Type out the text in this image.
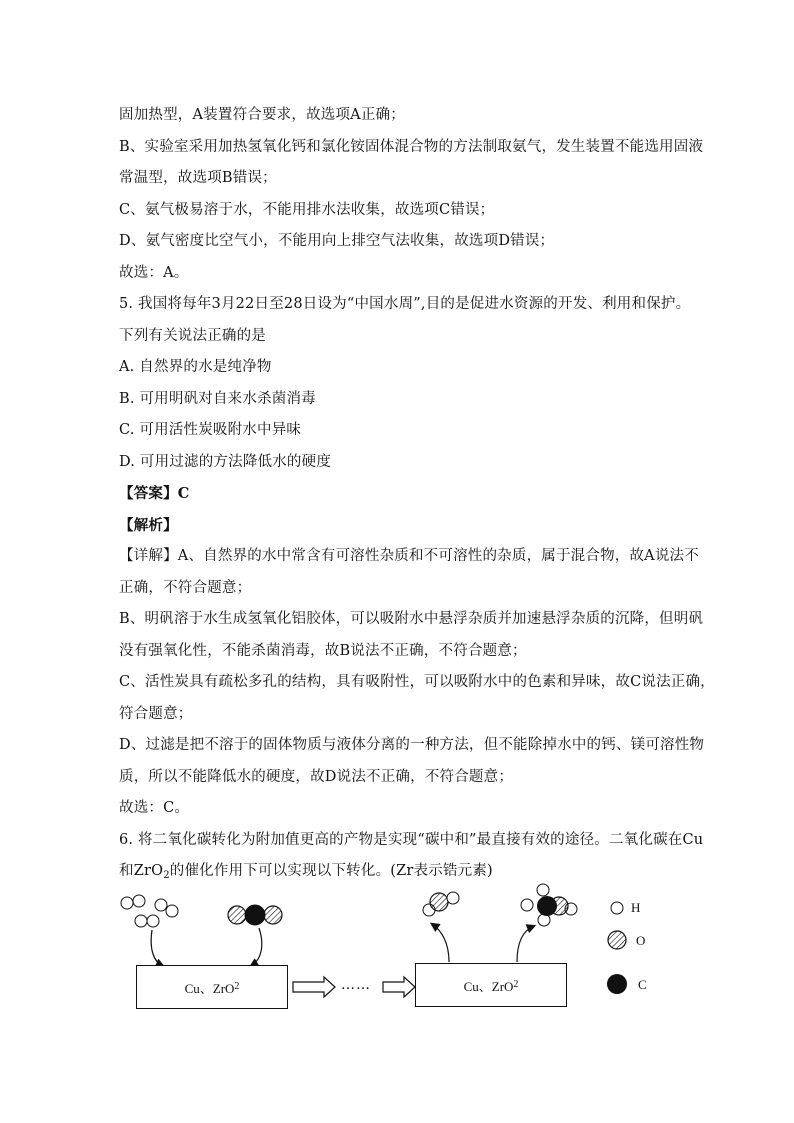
固加热型，A装置符合要求，故选项A正确；
B、实验室采用加热氢氧化钙和氯化铵固体混合物的方法制取氨气，发生装置不能选用固液
常温型，故选项B错误；
C、氨气极易溶于水，不能用排水法收集，故选项C错误；
D、氨气密度比空气小，不能用向上排空气法收集，故选项D错误；
故选：A。
5. 我国将每年3月22日至28日设为“中国水周”,目的是促进水资源的开发、利用和保护。
下列有关说法正确的是
A. 自然界的水是纯净物
B. 可用明矾对自来水杀菌消毒
C. 可用活性炭吸附水中异味
D. 可用过滤的方法降低水的硬度
【答案】C
【解析】
【详解】A、自然界的水中常含有可溶性杂质和不可溶性的杂质，属于混合物，故A说法不
正确，不符合题意；
B、明矾溶于水生成氢氧化铝胶体，可以吸附水中悬浮杂质并加速悬浮杂质的沉降，但明矾
没有强氧化性，不能杀菌消毒，故B说法不正确，不符合题意；
C、活性炭具有疏松多孔的结构，具有吸附性，可以吸附水中的色素和异味，故C说法正确，
符合题意；
D、过滤是把不溶于的固体物质与液体分离的一种方法，但不能除掉水中的钙、镁可溶性物
质，所以不能降低水的硬度，故D说法不正确，不符合题意；
故选：C。
6. 将二氧化碳转化为附加值更高的产物是实现“碳中和”最直接有效的途径。二氧化碳在Cu
和ZrO$_2$的催化作用下可以实现以下转化。(Zr表示锆元素)
Cu、ZrO 2	……	Cu、ZrO 2
H
O
C
